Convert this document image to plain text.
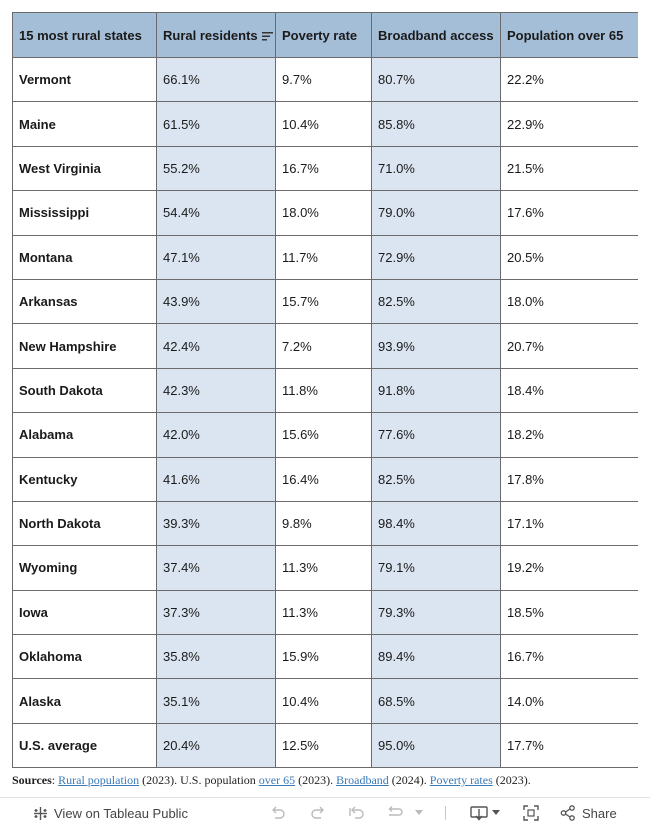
15 most rural states	Rural residents	Poverty rate	Broadband access	Population over 65
Vermont	66.1%	9.7%	80.7%	22.2%
Maine	61.5%	10.4%	85.8%	22.9%
West Virginia	55.2%	16.7%	71.0%	21.5%
Mississippi	54.4%	18.0%	79.0%	17.6%
Montana	47.1%	11.7%	72.9%	20.5%
Arkansas	43.9%	15.7%	82.5%	18.0%
New Hampshire	42.4%	7.2%	93.9%	20.7%
South Dakota	42.3%	11.8%	91.8%	18.4%
Alabama	42.0%	15.6%	77.6%	18.2%
Kentucky	41.6%	16.4%	82.5%	17.8%
North Dakota	39.3%	9.8%	98.4%	17.1%
Wyoming	37.4%	11.3%	79.1%	19.2%
Iowa	37.3%	11.3%	79.3%	18.5%
Oklahoma	35.8%	15.9%	89.4%	16.7%
Alaska	35.1%	10.4%	68.5%	14.0%
U.S. average	20.4%	12.5%	95.0%	17.7%
Sources: Rural population (2023). U.S. population over 65 (2023). Broadband (2024). Poverty rates (2023).
View on Tableau Public	Share
